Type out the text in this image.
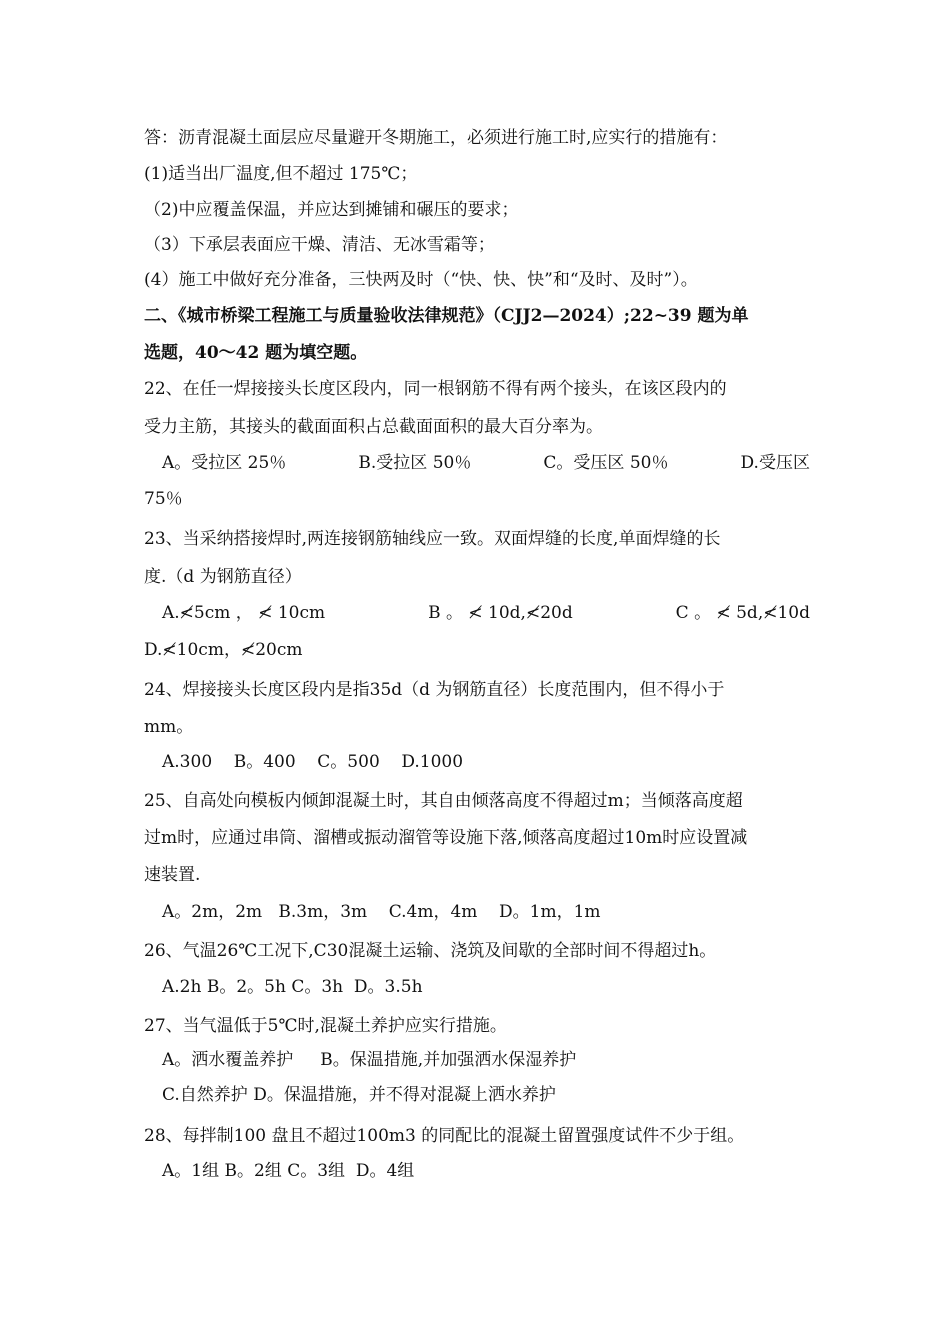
答：沥青混凝土面层应尽量避开冬期施工，必须进行施工时,应实行的措施有：
(1)适当出厂温度,但不超过 175℃；
（2)中应覆盖保温，并应达到摊铺和碾压的要求；
（3）下承层表面应干燥、清洁、无冰雪霜等；
(4）施工中做好充分准备，三快两及时（“快、快、快”和“及时、及时”）。
二、《城市桥梁工程施工与质量验收法律规范》（CJJ2—2024）;22~39 题为单
选题，40～42 题为填空题。
22、在任一焊接接头长度区段内，同一根钢筋不得有两个接头，在该区段内的
受力主筋，其接头的截面面积占总截面面积的最大百分率为。
A。受拉区 25％	B.受拉区 50％	C。受压区 50％	D.受压区
75％
23、当采纳搭接焊时,两连接钢筋轴线应一致。双面焊缝的长度,单面焊缝的长
度.（d 为钢筋直径）
A.≮5cm ， ≮ 10cm	B 。 ≮ 10d,≮20d	C 。 ≮ 5d,≮10d
D.≮10cm，≮20cm
24、焊接接头长度区段内是指35d（d 为钢筋直径）长度范围内，但不得小于
mm。
A.300    B。400    C。500    D.1000
25、自高处向模板内倾卸混凝土时，其自由倾落高度不得超过m；当倾落高度超
过m时，应通过串筒、溜槽或振动溜管等设施下落,倾落高度超过10m时应设置减
速装置.
A。2m，2m   B.3m，3m    C.4m，4m    D。1m，1m
26、气温26℃工况下,C30混凝土运输、浇筑及间歇的全部时间不得超过h。
A.2h B。2。5h C。3h  D。3.5h
27、当气温低于5℃时,混凝土养护应实行措施。
A。洒水覆盖养护     B。保温措施,并加强洒水保湿养护
C.自然养护 D。保温措施，并不得对混凝上洒水养护
28、每拌制100 盘且不超过100m3 的同配比的混凝土留置强度试件不少于组。
A。1组 B。2组 C。3组  D。4组
